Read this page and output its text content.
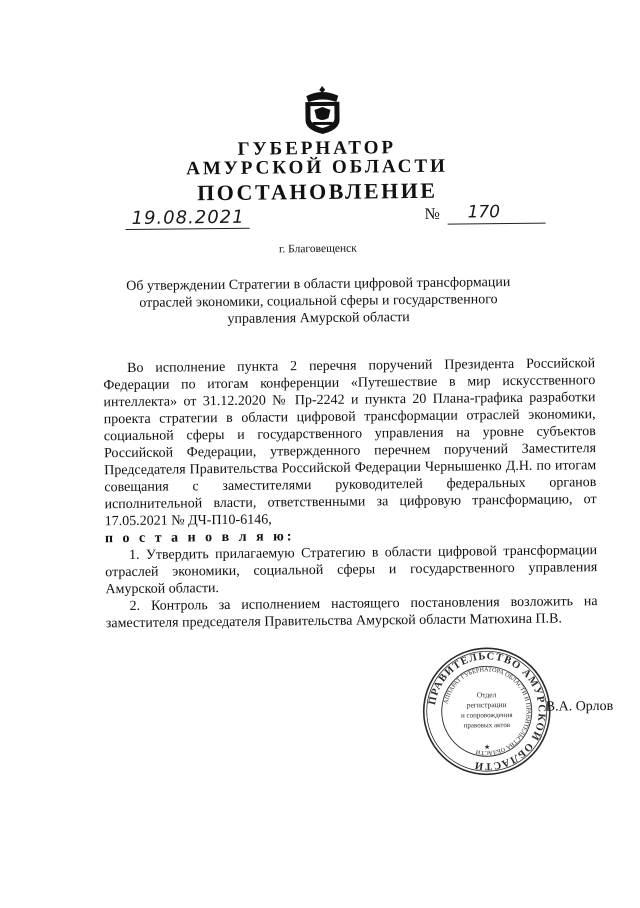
ГУБЕРНАТОР
АМУРСКОЙ ОБЛАСТИ
ПОСТАНОВЛЕНИЕ
19.08.2021	№ 170
г. Благовещенск
Об утверждении Стратегии в области цифровой трансформации отраслей экономики, социальной сферы и государственного управления Амурской области

Во исполнение пункта 2 перечня поручений Президента Российской Федерации по итогам конференции «Путешествие в мир искусственного интеллекта» от 31.12.2020 № Пр-2242 и пункта 20 Плана-графика разработки проекта стратегии в области цифровой трансформации отраслей экономики, социальной сферы и государственного управления на уровне субъектов Российской Федерации, утвержденного перечнем поручений Заместителя Председателя Правительства Российской Федерации Чернышенко Д.Н. по итогам совещания с заместителями руководителей федеральных органов исполнительной власти, ответственными за цифровую трансформацию, от 17.05.2021 № ДЧ-П10-6146,

п о с т а н о в л я ю:

1. Утвердить прилагаемую Стратегию в области цифровой трансформации отраслей экономики, социальной сферы и государственного управления Амурской области.

2. Контроль за исполнением настоящего постановления возложить на заместителя председателя Правительства Амурской области Матюхина П.В.

ПРАВИТЕЛЬСТВО АМУРСКОЙ ОБЛАСТИ
АППАРАТ ГУБЕРНАТОРА ОБЛАСТИ И ПРАВИТЕЛЬСТВА ОБЛАСТИ
Отдел
регистрации
и сопровождения
правовых актов
★
В.А. Орлов
